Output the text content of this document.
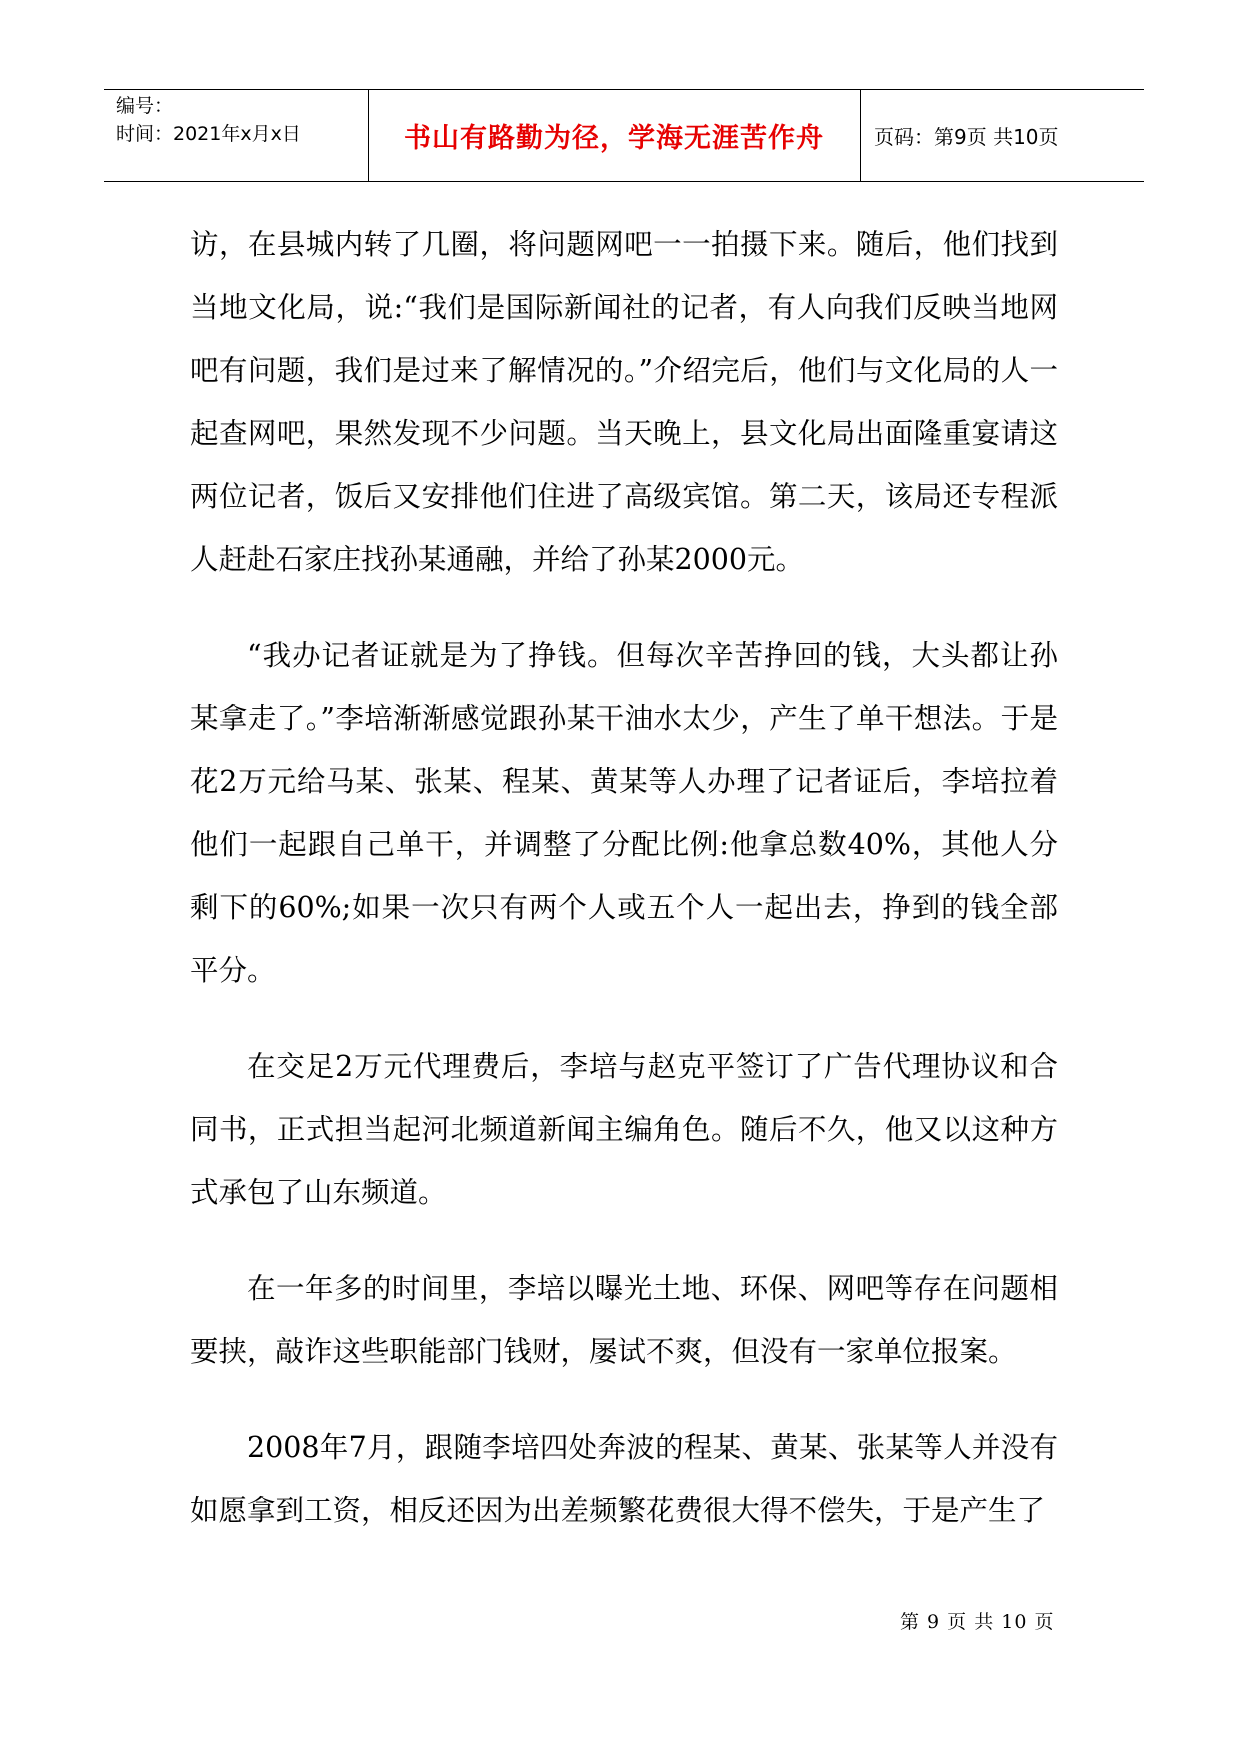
编号：
时间：2021年x月x日	书山有路勤为径，学海无涯苦作舟	页码：第9页 共10页

访，在县城内转了几圈，将问题网吧一一拍摄下来。随后，他们找到当地文化局，说:“我们是国际新闻社的记者，有人向我们反映当地网吧有问题，我们是过来了解情况的。”介绍完后，他们与文化局的人一起查网吧，果然发现不少问题。当天晚上，县文化局出面隆重宴请这两位记者，饭后又安排他们住进了高级宾馆。第二天，该局还专程派人赶赴石家庄找孙某通融，并给了孙某2000元。

“我办记者证就是为了挣钱。但每次辛苦挣回的钱，大头都让孙某拿走了。”李培渐渐感觉跟孙某干油水太少，产生了单干想法。于是花2万元给马某、张某、程某、黄某等人办理了记者证后，李培拉着他们一起跟自己单干，并调整了分配比例:他拿总数40%，其他人分剩下的60%;如果一次只有两个人或五个人一起出去，挣到的钱全部平分。

在交足2万元代理费后，李培与赵克平签订了广告代理协议和合同书，正式担当起河北频道新闻主编角色。随后不久，他又以这种方式承包了山东频道。

在一年多的时间里，李培以曝光土地、环保、网吧等存在问题相要挟，敲诈这些职能部门钱财，屡试不爽，但没有一家单位报案。

2008年7月，跟随李培四处奔波的程某、黄某、张某等人并没有如愿拿到工资，相反还因为出差频繁花费很大得不偿失，于是产生了

第 9 页 共 10 页
